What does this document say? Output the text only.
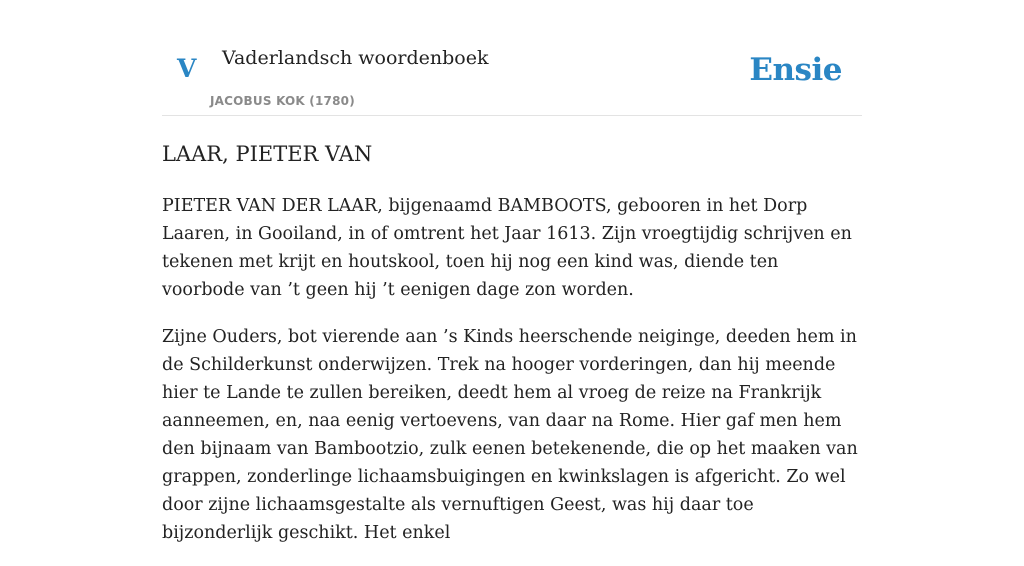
V Vaderlandsch woordenboek
JACOBUS KOK (1780)
Ensie
LAAR, PIETER VAN

PIETER VAN DER LAAR, bijgenaamd BAMBOOTS, gebooren in het Dorp Laaren, in Gooiland, in of omtrent het Jaar 1613. Zijn vroegtijdig schrijven en tekenen met krijt en houtskool, toen hij nog een kind was, diende ten voorbode van ’t geen hij ’t eenigen dage zon worden.

Zijne Ouders, bot vierende aan ’s Kinds heerschende neiginge, deeden hem in de Schilderkunst onderwijzen. Trek na hooger vorderingen, dan hij meende hier te Lande te zullen bereiken, deedt hem al vroeg de reize na Frankrijk aanneemen, en, naa eenig vertoevens, van daar na Rome. Hier gaf men hem den bijnaam van Bambootzio, zulk eenen betekenende, die op het maaken van grappen, zonderlinge lichaamsbuigingen en kwinkslagen is afgericht. Zo wel door zijne lichaamsgestalte als vernuftigen Geest, was hij daar toe bijzonderlijk geschikt. Het enkel
